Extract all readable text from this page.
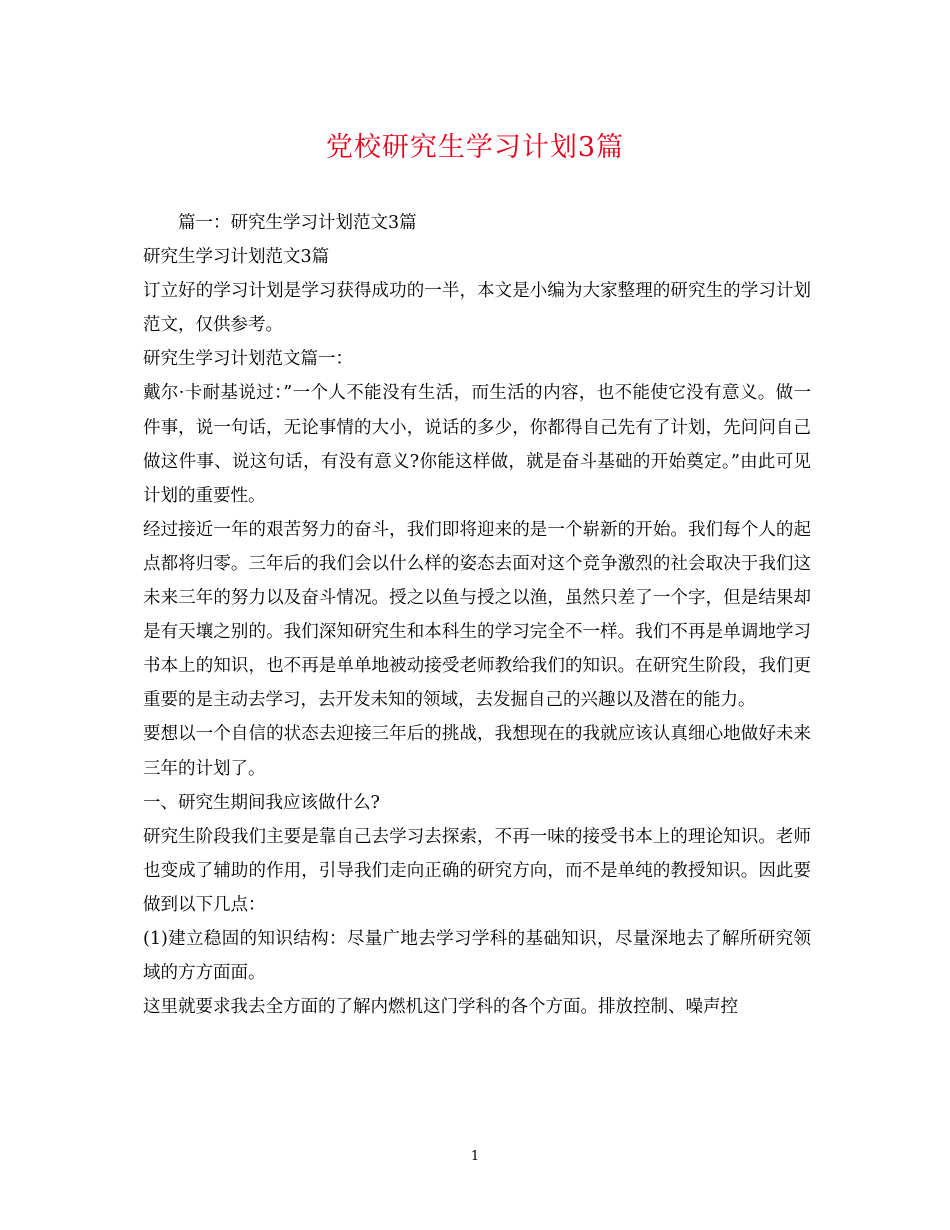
党校研究生学习计划3篇

篇一：研究生学习计划范文3篇

研究生学习计划范文3篇

订立好的学习计划是学习获得成功的一半，本文是小编为大家整理的研究生的学习计划范文，仅供参考。

研究生学习计划范文篇一：

戴尔·卡耐基说过：”一个人不能没有生活，而生活的内容，也不能使它没有意义。做一件事，说一句话，无论事情的大小，说话的多少，你都得自己先有了计划，先问问自己做这件事、说这句话，有没有意义?你能这样做，就是奋斗基础的开始奠定。”由此可见计划的重要性。

经过接近一年的艰苦努力的奋斗，我们即将迎来的是一个崭新的开始。我们每个人的起点都将归零。三年后的我们会以什么样的姿态去面对这个竞争激烈的社会取决于我们这未来三年的努力以及奋斗情况。授之以鱼与授之以渔，虽然只差了一个字，但是结果却是有天壤之别的。我们深知研究生和本科生的学习完全不一样。我们不再是单调地学习书本上的知识，也不再是单单地被动接受老师教给我们的知识。在研究生阶段，我们更重要的是主动去学习，去开发未知的领域，去发掘自己的兴趣以及潜在的能力。

要想以一个自信的状态去迎接三年后的挑战，我想现在的我就应该认真细心地做好未来三年的计划了。

一、研究生期间我应该做什么?

研究生阶段我们主要是靠自己去学习去探索，不再一味的接受书本上的理论知识。老师也变成了辅助的作用，引导我们走向正确的研究方向，而不是单纯的教授知识。因此要做到以下几点：

(1)建立稳固的知识结构：尽量广地去学习学科的基础知识，尽量深地去了解所研究领域的方方面面。

这里就要求我去全方面的了解内燃机这门学科的各个方面。排放控制、噪声控

1
